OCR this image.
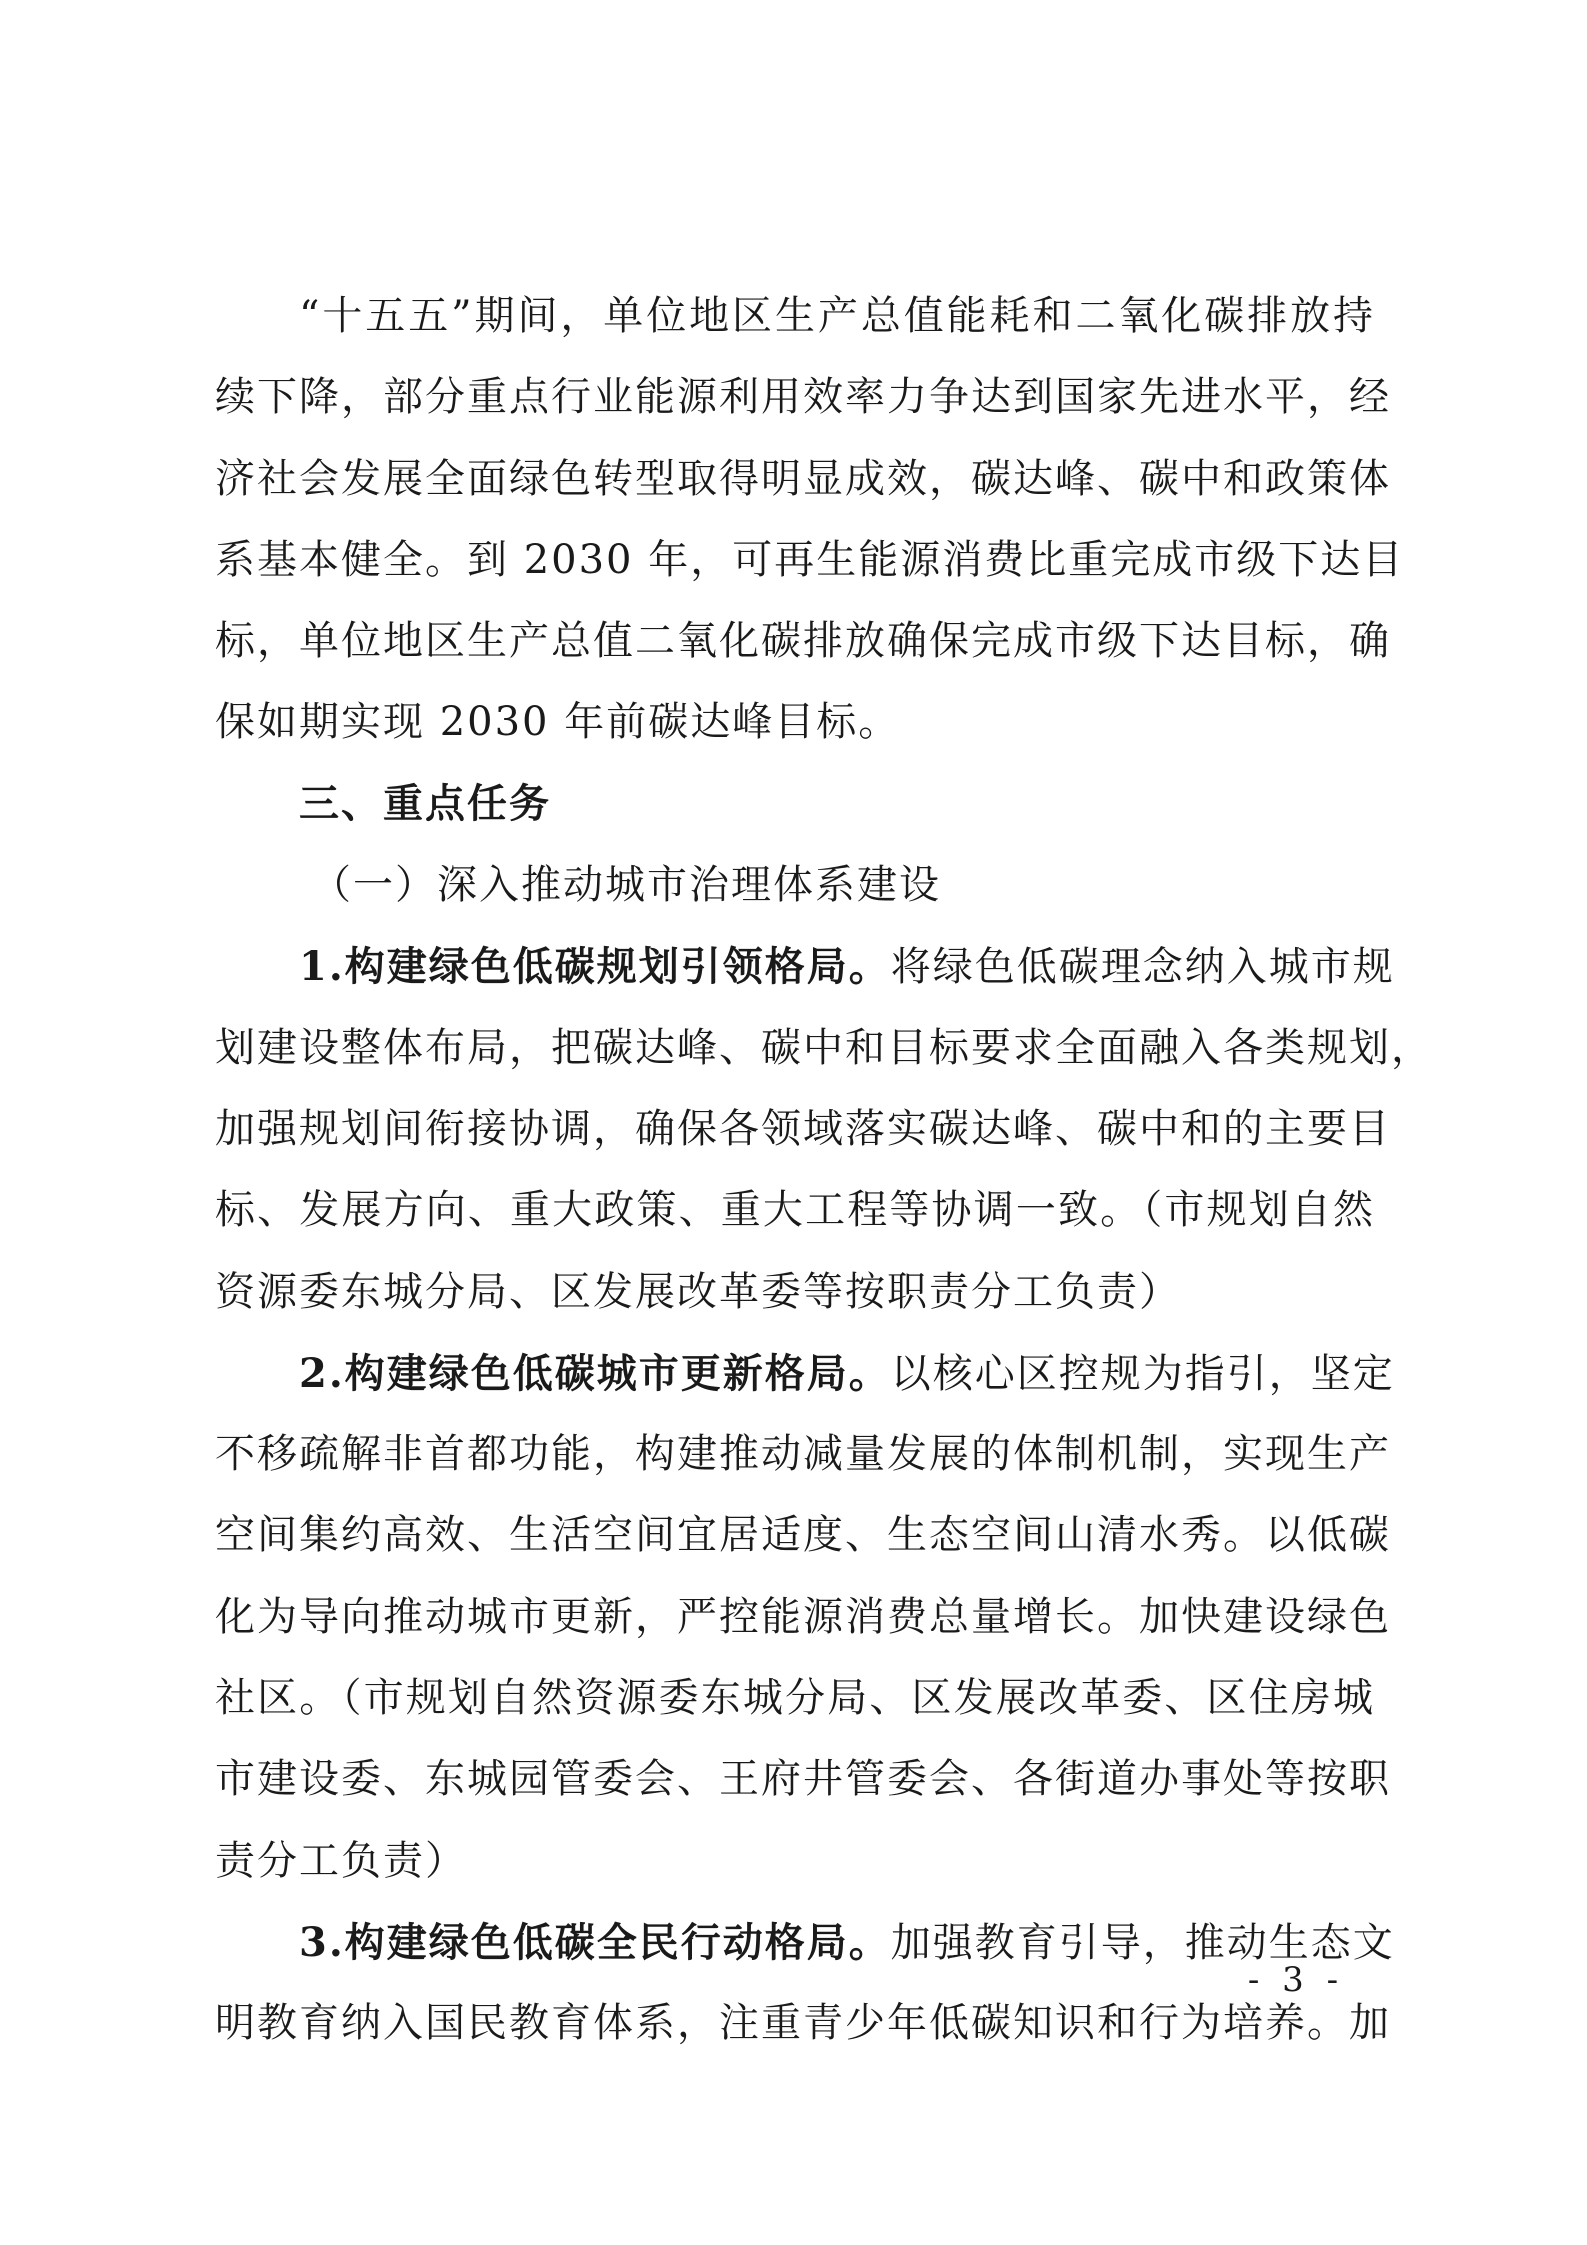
“十五五”期间，单位地区生产总值能耗和二氧化碳排放持
续下降，部分重点行业能源利用效率力争达到国家先进水平，经
济社会发展全面绿色转型取得明显成效，碳达峰、碳中和政策体
系基本健全。到 2030 年，可再生能源消费比重完成市级下达目
标，单位地区生产总值二氧化碳排放确保完成市级下达目标，确
保如期实现 2030 年前碳达峰目标。
三、重点任务
（一）深入推动城市治理体系建设
1.构建绿色低碳规划引领格局。将绿色低碳理念纳入城市规
划建设整体布局，把碳达峰、碳中和目标要求全面融入各类规划，
加强规划间衔接协调，确保各领域落实碳达峰、碳中和的主要目
标、发展方向、重大政策、重大工程等协调一致。（市规划自然
资源委东城分局、区发展改革委等按职责分工负责）
2.构建绿色低碳城市更新格局。以核心区控规为指引，坚定
不移疏解非首都功能，构建推动减量发展的体制机制，实现生产
空间集约高效、生活空间宜居适度、生态空间山清水秀。以低碳
化为导向推动城市更新，严控能源消费总量增长。加快建设绿色
社区。（市规划自然资源委东城分局、区发展改革委、区住房城
市建设委、东城园管委会、王府井管委会、各街道办事处等按职
责分工负责）
3.构建绿色低碳全民行动格局。加强教育引导，推动生态文
明教育纳入国民教育体系，注重青少年低碳知识和行为培养。加
- 3 -
